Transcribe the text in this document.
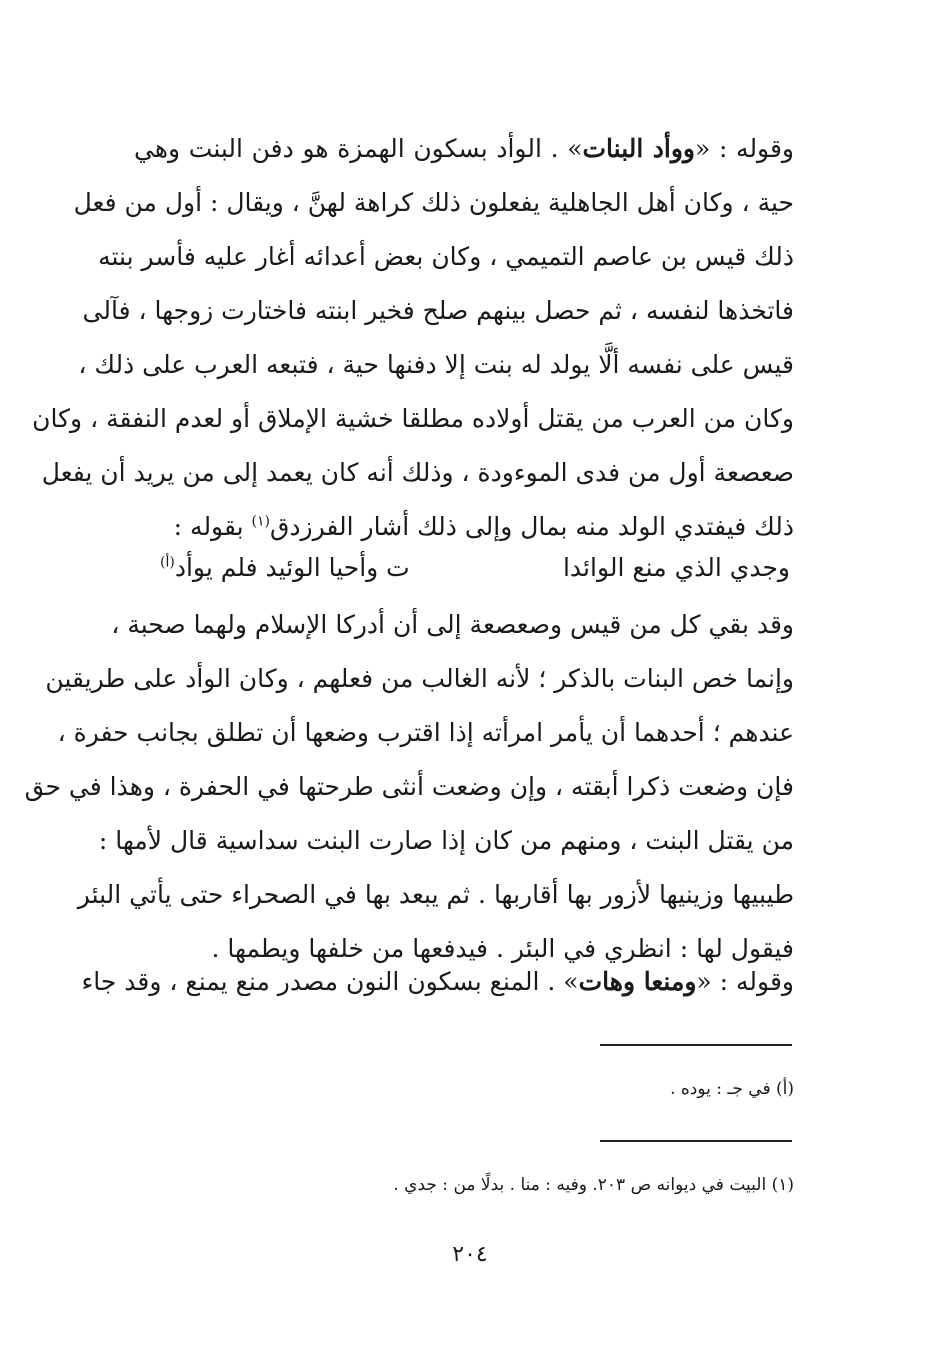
وقوله : «ووأد البنات» . الوأد بسكون الهمزة هو دفن البنت وهي
حية ، وكان أهل الجاهلية يفعلون ذلك كراهة لهنَّ ، ويقال : أول من فعل
ذلك قيس بن عاصم التميمي ، وكان بعض أعدائه أغار عليه فأسر بنته
فاتخذها لنفسه ، ثم حصل بينهم صلح فخير ابنته فاختارت زوجها ، فآلى
قيس على نفسه ألَّا يولد له بنت إلا دفنها حية ، فتبعه العرب على ذلك ،
وكان من العرب من يقتل أولاده مطلقا خشية الإملاق أو لعدم النفقة ، وكان
صعصعة أول من فدى الموءودة ، وذلك أنه كان يعمد إلى من يريد أن يفعل
ذلك فيفتدي الولد منه بمال وإلى ذلك أشار الفرزدق$^{(١)}$ بقوله :
وجدي الذي منع الوائدا
ت وأحيا الوئيد فلم يوأد$^{(أ)}$
وقد بقي كل من قيس وصعصعة إلى أن أدركا الإسلام ولهما صحبة ،
وإنما خص البنات بالذكر ؛ لأنه الغالب من فعلهم ، وكان الوأد على طريقين
عندهم ؛ أحدهما أن يأمر امرأته إذا اقترب وضعها أن تطلق بجانب حفرة ،
فإن وضعت ذكرا أبقته ، وإن وضعت أنثى طرحتها في الحفرة ، وهذا في حق
من يقتل البنت ، ومنهم من كان إذا صارت البنت سداسية قال لأمها :
طيبيها وزينيها لأزور بها أقاربها . ثم يبعد بها في الصحراء حتى يأتي البئر
فيقول لها : انظري في البئر . فيدفعها من خلفها ويطمها .
وقوله : «ومنعا وهات» . المنع بسكون النون مصدر منع يمنع ، وقد جاء
(أ) في جـ : يوده .
(١) البيت في ديوانه ص ٢٠٣. وفيه : منا . بدلًا من : جدي .
٢٠٤
